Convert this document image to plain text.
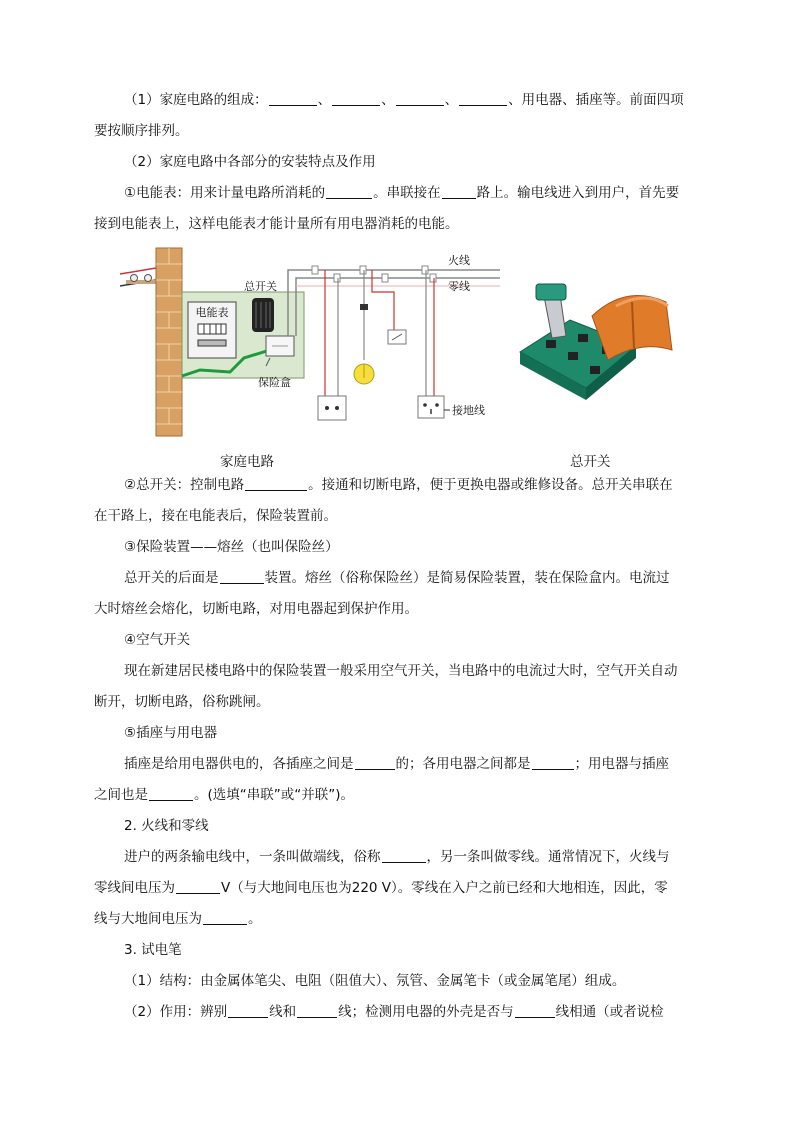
（1）家庭电路的组成：	、	、	、	、用电器、插座等。前面四项
要按顺序排列。
（2）家庭电路中各部分的安装特点及作用
①电能表：用来计量电路所消耗的	。串联接在	路上。输电线进入到用户，首先要
接到电能表上，这样电能表才能计量所有用电器消耗的电能。
电能表
总开关
保险盒
火线
零线
接地线
家庭电路	总开关
②总开关：控制电路	。接通和切断电路，便于更换电器或维修设备。总开关串联在
在干路上，接在电能表后，保险装置前。
③保险装置——熔丝（也叫保险丝）
总开关的后面是	装置。熔丝（俗称保险丝）是简易保险装置，装在保险盒内。电流过
大时熔丝会熔化，切断电路，对用电器起到保护作用。
④空气开关
现在新建居民楼电路中的保险装置一般采用空气开关，当电路中的电流过大时，空气开关自动
断开，切断电路，俗称跳闸。
⑤插座与用电器
插座是给用电器供电的，各插座之间是	的；各用电器之间都是	；用电器与插座
之间也是	。(选填“串联”或“并联”)。
2. 火线和零线
进户的两条输电线中，一条叫做端线，俗称	，另一条叫做零线。通常情况下，火线与
零线间电压为	V（与大地间电压也为220 V）。零线在入户之前已经和大地相连，因此，零
线与大地间电压为	。
3. 试电笔
（1）结构：由金属体笔尖、电阻（阻值大）、氖管、金属笔卡（或金属笔尾）组成。
（2）作用：辨别	线和	线；检测用电器的外壳是否与	线相通（或者说检
